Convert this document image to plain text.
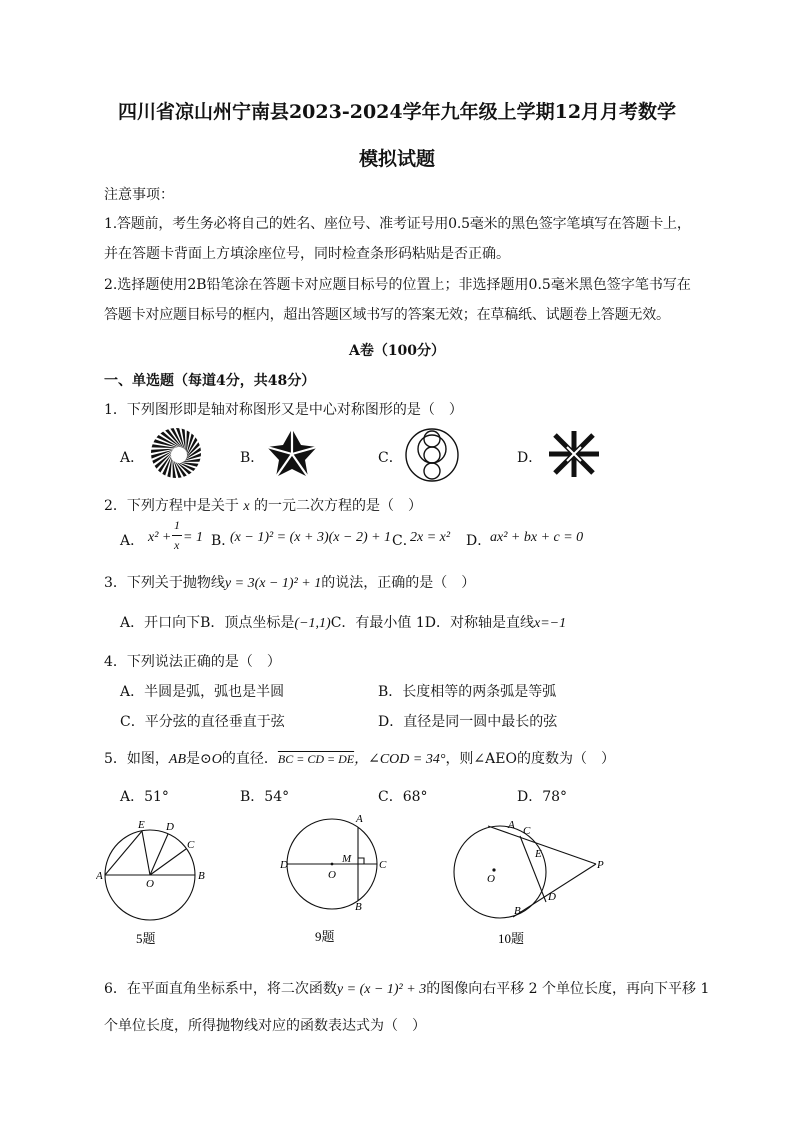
四川省凉山州宁南县2023-2024学年九年级上学期12月月考数学
模拟试题
注意事项：
1.答题前，考生务必将自己的姓名、座位号、准考证号用0.5毫米的黑色签字笔填写在答题卡上，
并在答题卡背面上方填涂座位号，同时检查条形码粘贴是否正确。
2.选择题使用2B铅笔涂在答题卡对应题目标号的位置上；非选择题用0.5毫米黑色签字笔书写在
答题卡对应题目标号的框内，超出答题区域书写的答案无效；在草稿纸、试题卷上答题无效。
A卷（100分）
一、单选题（每道4分，共48分）
1．下列图形即是轴对称图形又是中心对称图形的是（　）
A．	B．	C．	D．
2．下列方程中是关于 x 的一元二次方程的是（　）
A． x² +
1
x = 1 B．
(x − 1)² = (x + 3)(x − 2) + 1 C．
2x = x² D．
ax² + bx + c = 0
3．下列关于抛物线y = 3(x − 1)² + 1的说法，正确的是（　）
A．开口向下B．顶点坐标是(−1,1)C．有最小值 1D．对称轴是直线x=−1
4．下列说法正确的是（　）
A．半圆是弧，弧也是半圆	B．长度相等的两条弧是等弧
C．平分弦的直径垂直于弦	D．直径是同一圆中最长的弦
5．如图，AB是⊙O的直径．BC = CD = DE，∠COD = 34°，则∠AEO的度数为（　）
A．51°	B．54°	C．68°	D．78°
E D
C
A
O
B
5题
A
D	M
O
C
B
9题
A C
E
P
O
D
B
10题
6．在平面直角坐标系中，将二次函数y = (x − 1)² + 3的图像向右平移 2 个单位长度，再向下平移 1
个单位长度，所得抛物线对应的函数表达式为（　）
